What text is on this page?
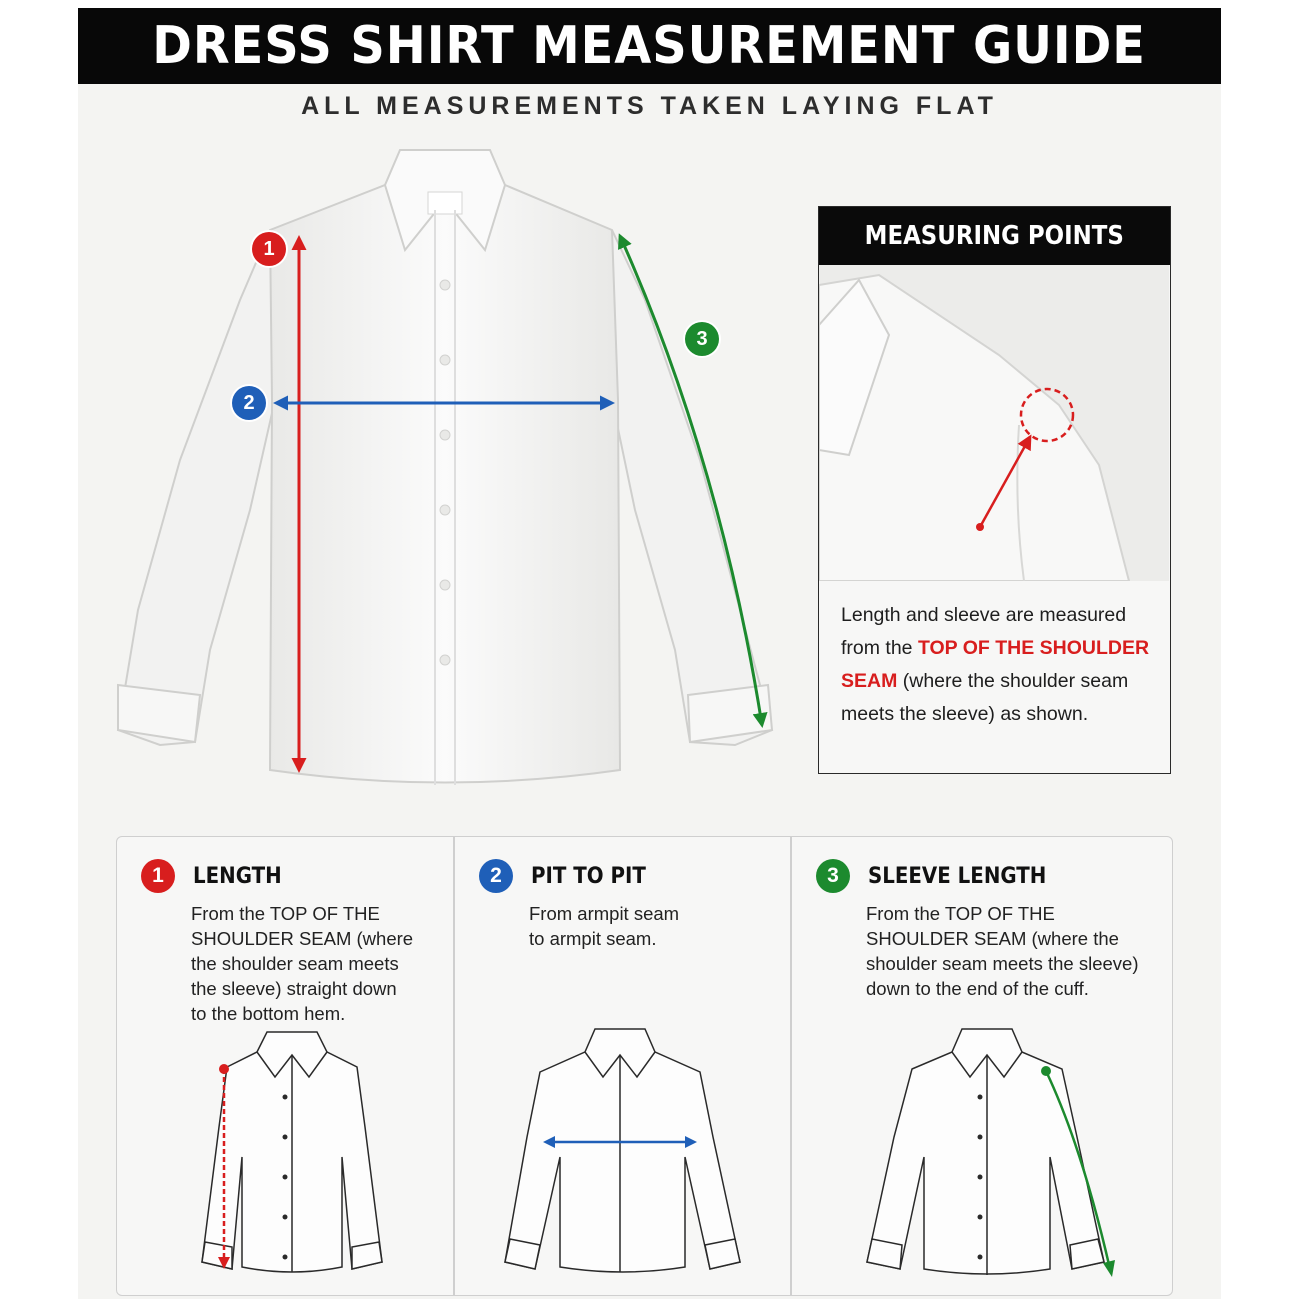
DRESS SHIRT MEASUREMENT GUIDE
ALL MEASUREMENTS TAKEN LAYING FLAT
1
2
3
MEASURING POINTS
Length and sleeve are measured from the TOP OF THE SHOULDER SEAM (where the shoulder seam meets the sleeve) as shown.
1	LENGTH
From the TOP OF THE
SHOULDER SEAM (where
the shoulder seam meets
the sleeve) straight down
to the bottom hem.
2	PIT TO PIT
From armpit seam
to armpit seam.
3	SLEEVE LENGTH
From the TOP OF THE
SHOULDER SEAM (where the
shoulder seam meets the sleeve)
down to the end of the cuff.
